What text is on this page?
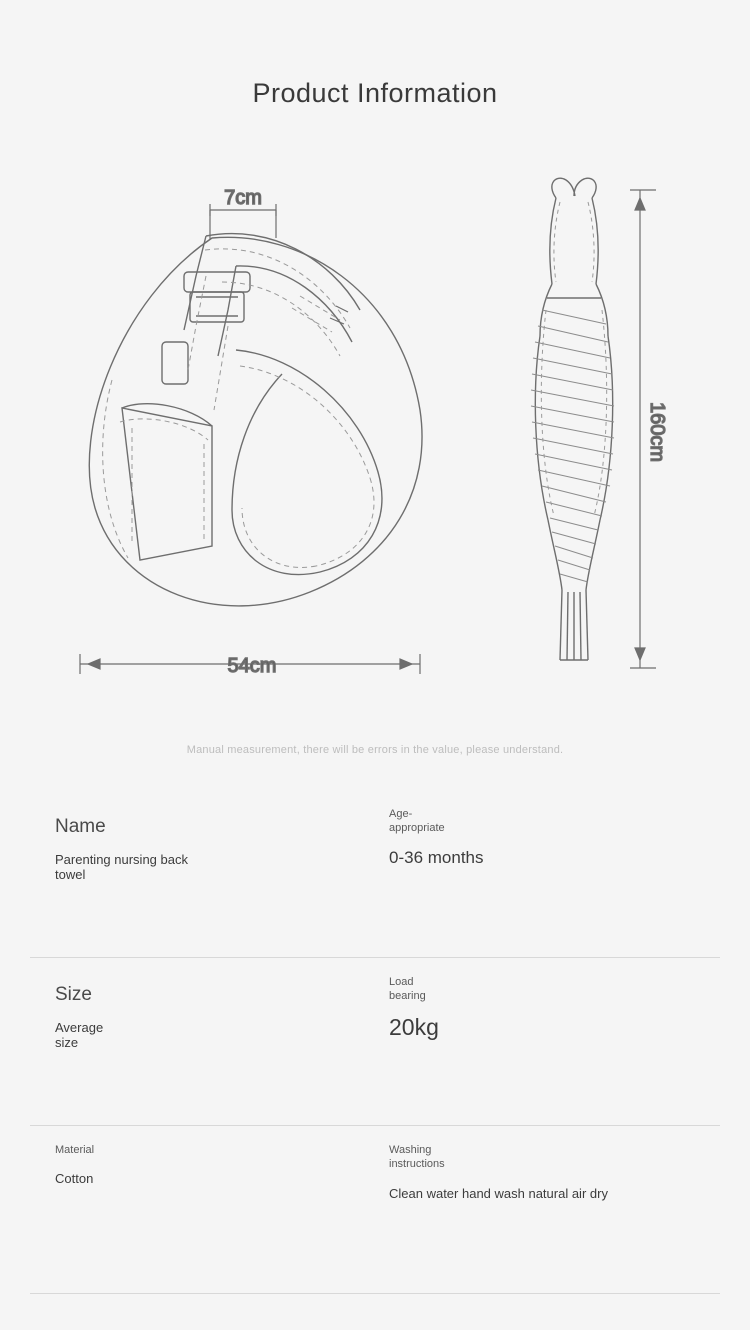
Product Information
7cm
54cm
160cm
Manual measurement, there will be errors in the value, please understand.
Name
Parenting nursing back towel
Age-appropriate
0-36 months
Size
Average size
Load bearing
20kg
Material
Cotton
Washing instructions
Clean water hand wash natural air dry
